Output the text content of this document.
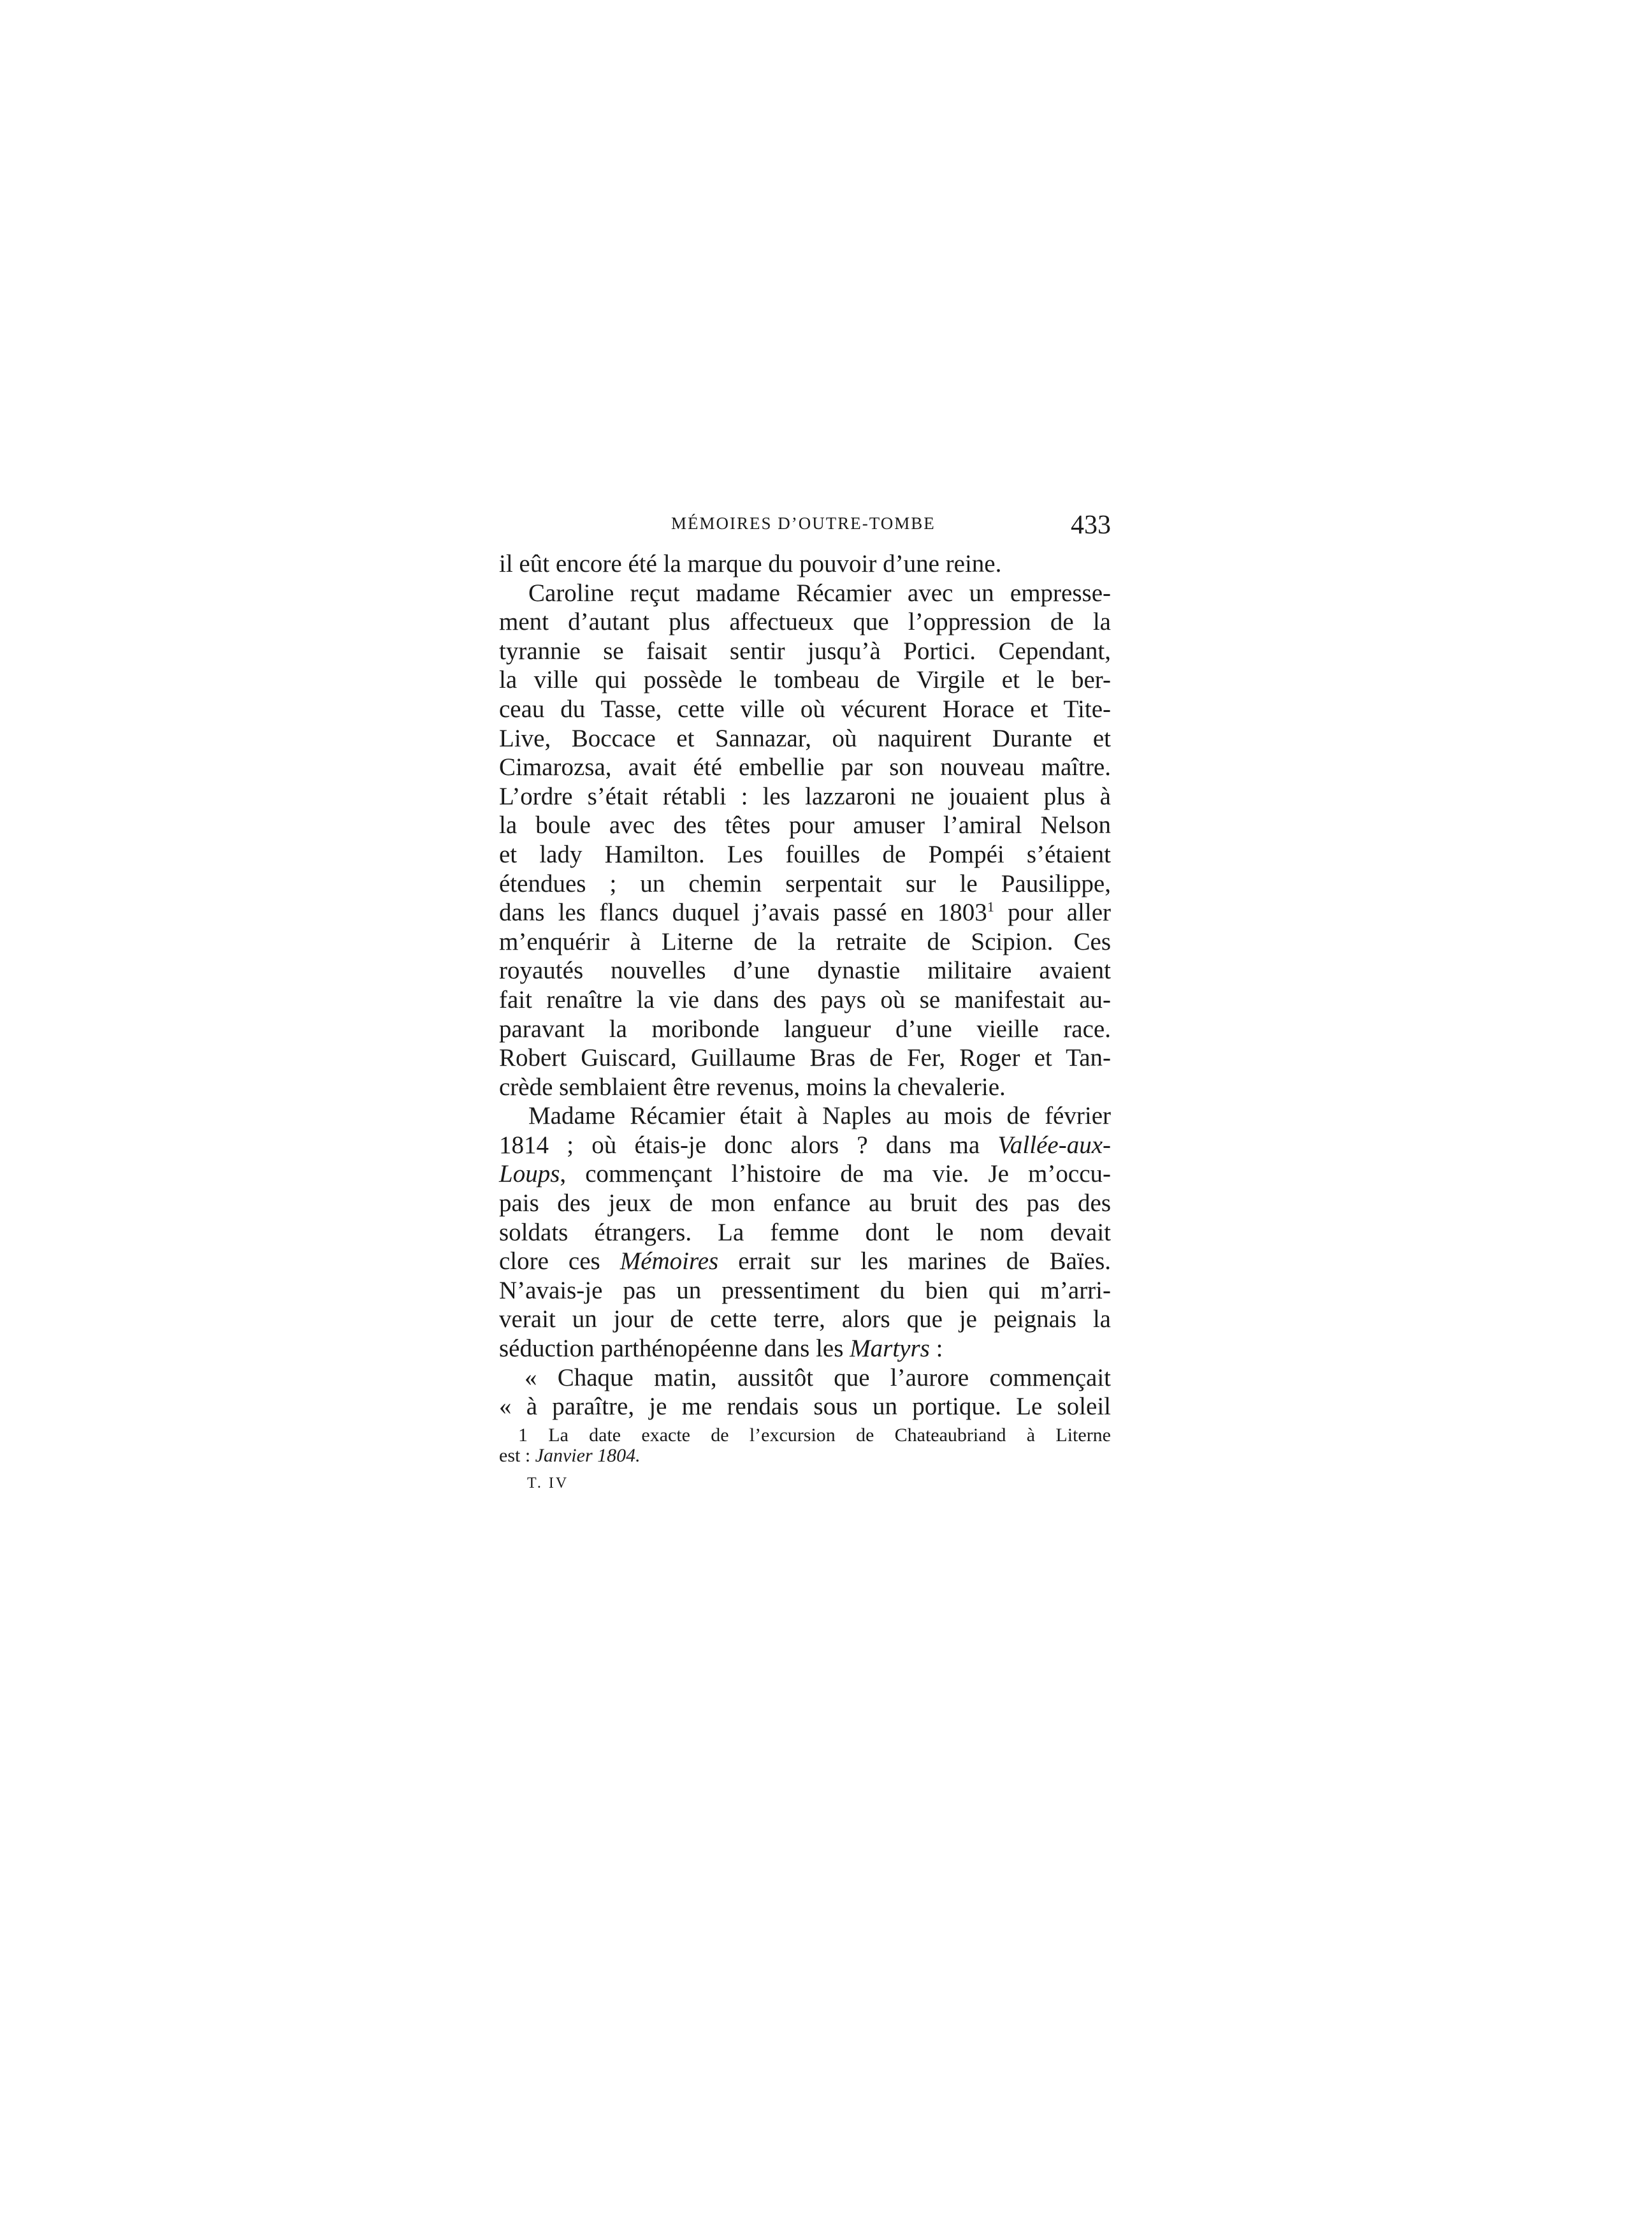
MÉMOIRES D’OUTRE-TOMBE	433
il eût encore été la marque du pouvoir d’une reine.
Caroline reçut madame Récamier avec un empresse-
ment d’autant plus affectueux que l’oppression de la
tyrannie se faisait sentir jusqu’à Portici. Cependant,
la ville qui possède le tombeau de Virgile et le ber-
ceau du Tasse, cette ville où vécurent Horace et Tite-
Live, Boccace et Sannazar, où naquirent Durante et
Cimarozsa, avait été embellie par son nouveau maître.
L’ordre s’était rétabli : les lazzaroni ne jouaient plus à
la boule avec des têtes pour amuser l’amiral Nelson
et lady Hamilton. Les fouilles de Pompéi s’étaient
étendues ; un chemin serpentait sur le Pausilippe,
dans les flancs duquel j’avais passé en 1803$^1$ pour aller
m’enquérir à Literne de la retraite de Scipion. Ces
royautés nouvelles d’une dynastie militaire avaient
fait renaître la vie dans des pays où se manifestait au-
paravant la moribonde langueur d’une vieille race.
Robert Guiscard, Guillaume Bras de Fer, Roger et Tan-
crède semblaient être revenus, moins la chevalerie.
Madame Récamier était à Naples au mois de février
1814 ; où étais-je donc alors ? dans ma Vallée-aux-
Loups, commençant l’histoire de ma vie. Je m’occu-
pais des jeux de mon enfance au bruit des pas des
soldats étrangers. La femme dont le nom devait
clore ces Mémoires errait sur les marines de Baïes.
N’avais-je pas un pressentiment du bien qui m’arri-
verait un jour de cette terre, alors que je peignais la
séduction parthénopéenne dans les Martyrs :
« Chaque matin, aussitôt que l’aurore commençait
« à paraître, je me rendais sous un portique. Le soleil
1 La date exacte de l’excursion de Chateaubriand à Literne
est : Janvier 1804.
T. IV
